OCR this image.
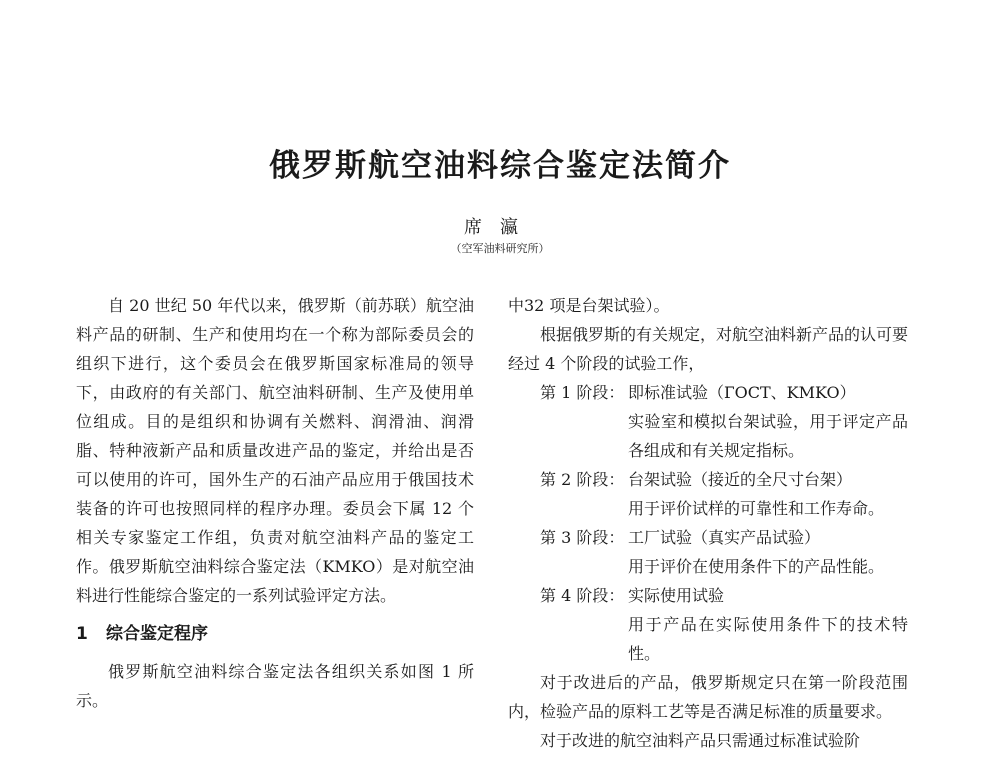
俄罗斯航空油料综合鉴定法简介
席瀛
（空军油料研究所）

自 20 世纪 50 年代以来，俄罗斯（前苏联）航空油料产品的研制、生产和使用均在一个称为部际委员会的组织下进行，这个委员会在俄罗斯国家标准局的领导下，由政府的有关部门、航空油料研制、生产及使用单位组成。目的是组织和协调有关燃料、润滑油、润滑脂、特种液新产品和质量改进产品的鉴定，并给出是否可以使用的许可，国外生产的石油产品应用于俄国技术装备的许可也按照同样的程序办理。委员会下属 12 个相关专家鉴定工作组，负责对航空油料产品的鉴定工作。俄罗斯航空油料综合鉴定法（KMKO）是对航空油料进行性能综合鉴定的一系列试验评定方法。

1 综合鉴定程序

俄罗斯航空油料综合鉴定法各组织关系如图 1 所示。

中32 项是台架试验）。

根据俄罗斯的有关规定，对航空油料新产品的认可要经过 4 个阶段的试验工作，

第 1 阶段： 即标准试验（ГОСТ、KMKO）
实验室和模拟台架试验，用于评定产品各组成和有关规定指标。
第 2 阶段： 台架试验（接近的全尺寸台架）
用于评价试样的可靠性和工作寿命。
第 3 阶段： 工厂试验（真实产品试验）
用于评价在使用条件下的产品性能。
第 4 阶段： 实际使用试验
用于产品在实际使用条件下的技术特性。

对于改进后的产品，俄罗斯规定只在第一阶段范围内，检验产品的原料工艺等是否满足标准的质量要求。

对于改进的航空油料产品只需通过标准试验阶
